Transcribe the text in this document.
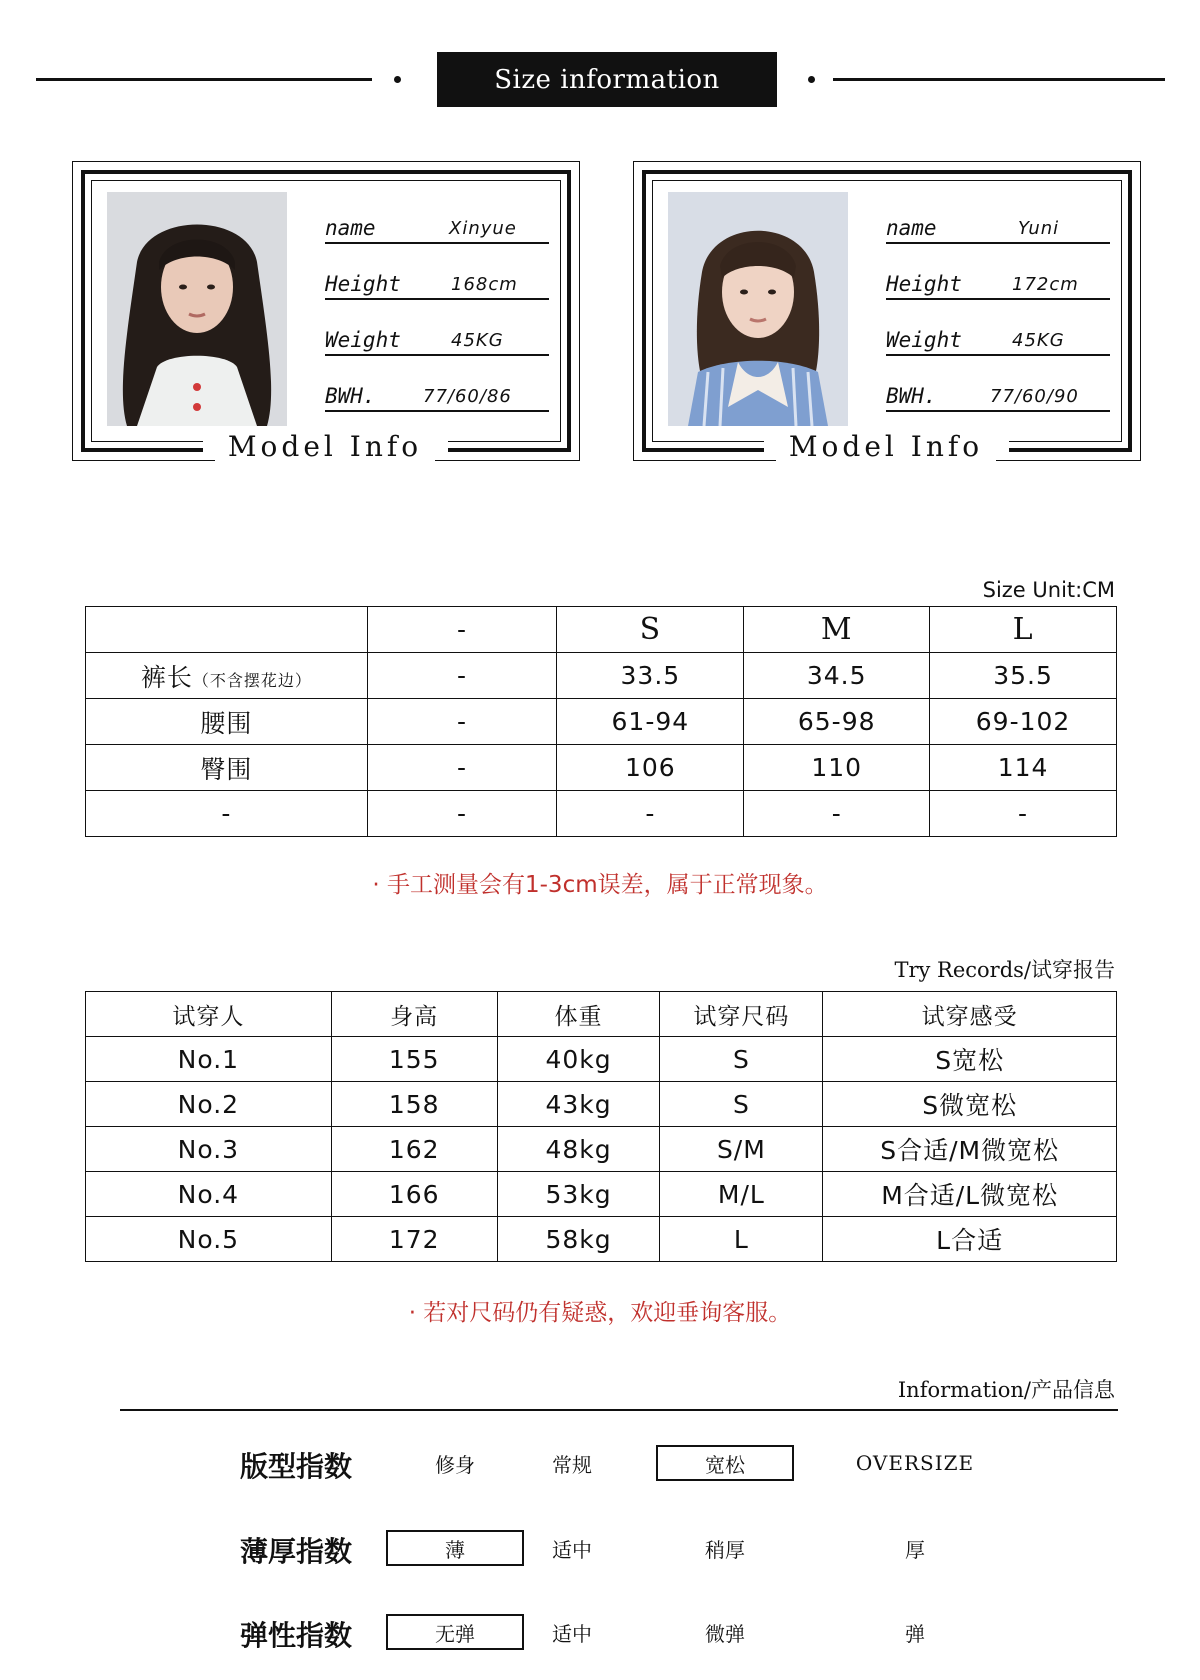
Size information
Model Info
name	Xinyue
Height	168cm
Weight	45KG
BWH.	77/60/86
Model Info
name	Yuni
Height	172cm
Weight	45KG
BWH.	77/60/90
Size Unit:CM
	-	S	M	L
裤长（不含摆花边）	-	33.5	34.5	35.5
腰围	-	61-94	65-98	69-102
臀围	-	106	110	114
-	-	-	-	-
· 手工测量会有1-3cm误差，属于正常现象。
Try Records/试穿报告
试穿人	身高	体重	试穿尺码	试穿感受
No.1	155	40kg	S	S宽松
No.2	158	43kg	S	S微宽松
No.3	162	48kg	S/M	S合适/M微宽松
No.4	166	53kg	M/L	M合适/L微宽松
No.5	172	58kg	L	L合适
· 若对尺码仍有疑惑，欢迎垂询客服。
Information/产品信息
版型指数	修身	常规	宽松	OVERSIZE
薄厚指数	薄	适中	稍厚	厚
弹性指数	无弹	适中	微弹	弹
